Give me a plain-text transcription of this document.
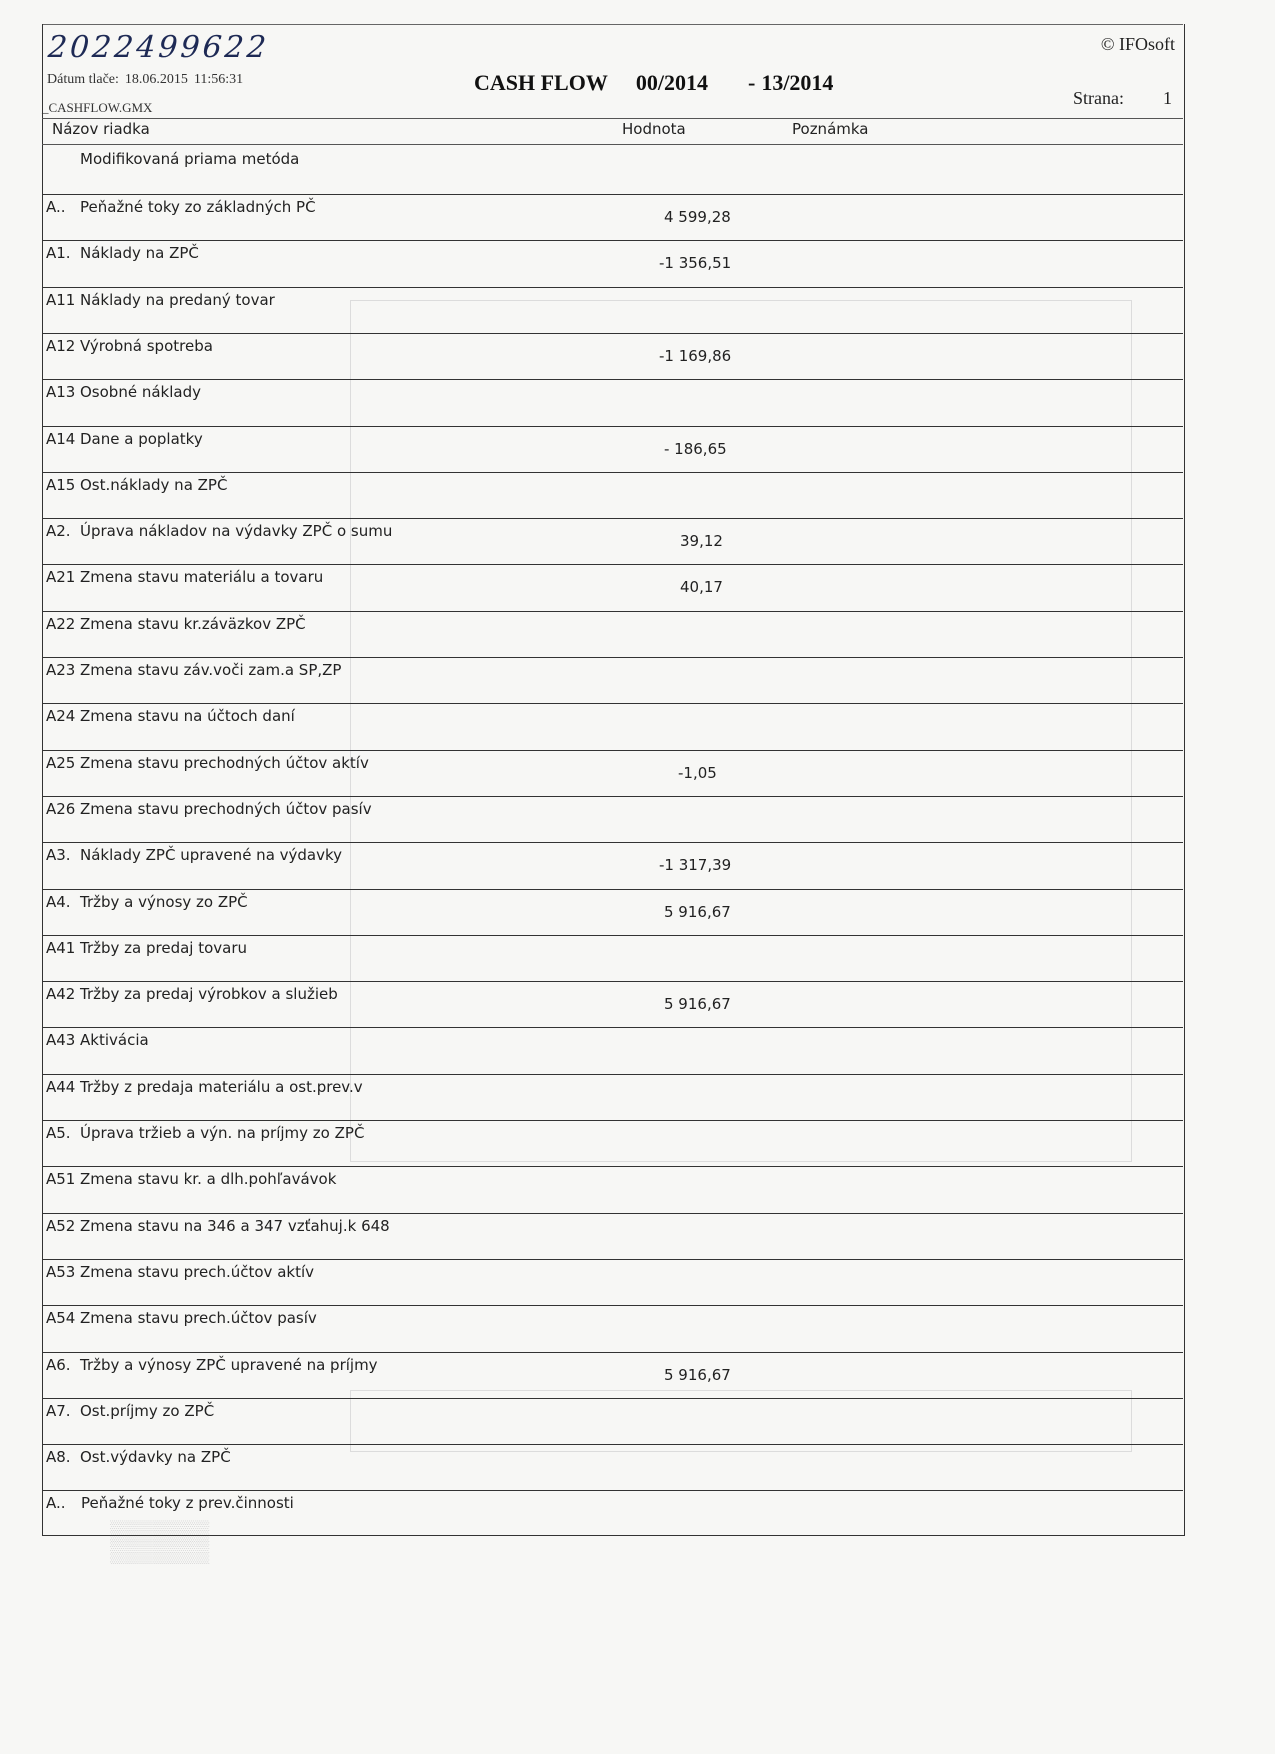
▒▒▒▒▒▒▒
▒▒▒▒▒▒▒
2022499622
Dátum tlače: 18.06.2015 11:56:31
_CASHFLOW.GMX
CASH FLOW 00/2014 - 13/2014
© IFOsoft
Strana: 1
Názov riadka	Hodnota	Poznámka
Modifikovaná priama metóda
A.. Peňažné toky zo základných PČ
4 599,28
A1. Náklady na ZPČ
-1 356,51
A11 Náklady na predaný tovar
A12 Výrobná spotreba
-1 169,86
A13 Osobné náklady
A14 Dane a poplatky
- 186,65
A15 Ost.náklady na ZPČ
A2. Úprava nákladov na výdavky ZPČ o sumu
39,12
A21 Zmena stavu materiálu a tovaru
40,17
A22 Zmena stavu kr.záväzkov ZPČ
A23 Zmena stavu záv.voči zam.a SP,ZP
A24 Zmena stavu na účtoch daní
A25 Zmena stavu prechodných účtov aktív
-1,05
A26 Zmena stavu prechodných účtov pasív
A3. Náklady ZPČ upravené na výdavky
-1 317,39
A4. Tržby a výnosy zo ZPČ
5 916,67
A41 Tržby za predaj tovaru
A42 Tržby za predaj výrobkov a služieb
5 916,67
A43 Aktivácia
A44 Tržby z predaja materiálu a ost.prev.v
A5. Úprava tržieb a výn. na príjmy zo ZPČ
A51 Zmena stavu kr. a dlh.pohľavávok
A52 Zmena stavu na 346 a 347 vzťahuj.k 648
A53 Zmena stavu prech.účtov aktív
A54 Zmena stavu prech.účtov pasív
A6. Tržby a výnosy ZPČ upravené na príjmy
5 916,67
A7. Ost.príjmy zo ZPČ
A8. Ost.výdavky na ZPČ
A.. Peňažné toky z prev.činnosti
